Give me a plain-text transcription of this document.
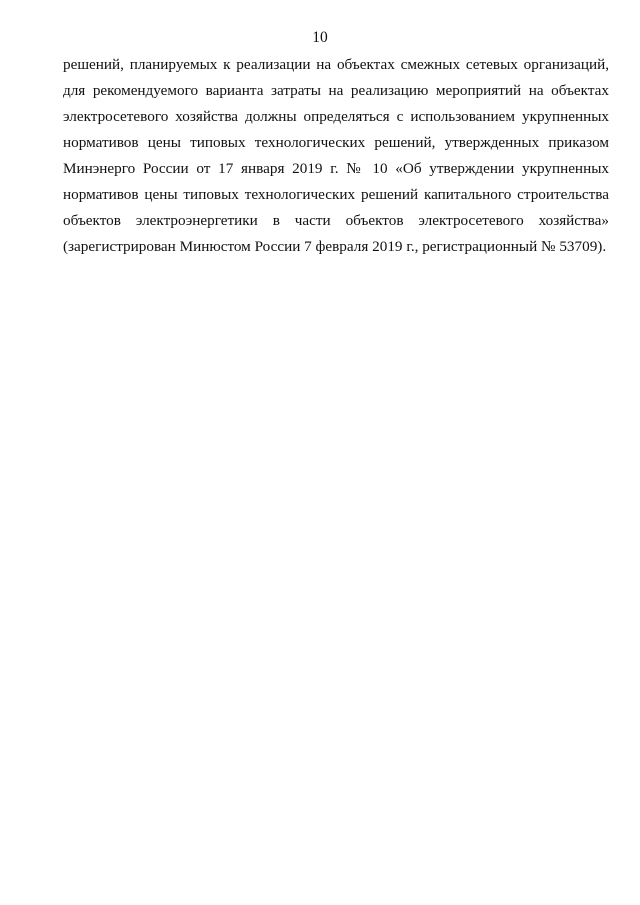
10
решений, планируемых к реализации на объектах смежных сетевых организаций,
для рекомендуемого варианта затраты на реализацию мероприятий на объектах
электросетевого хозяйства должны определяться с использованием укрупненных
нормативов цены типовых технологических решений, утвержденных приказом
Минэнерго России от 17 января 2019 г. № 10 «Об утверждении укрупненных
нормативов цены типовых технологических решений капитального строительства
объектов электроэнергетики в части объектов электросетевого хозяйства»
(зарегистрирован Минюстом России 7 февраля 2019 г., регистрационный № 53709).
